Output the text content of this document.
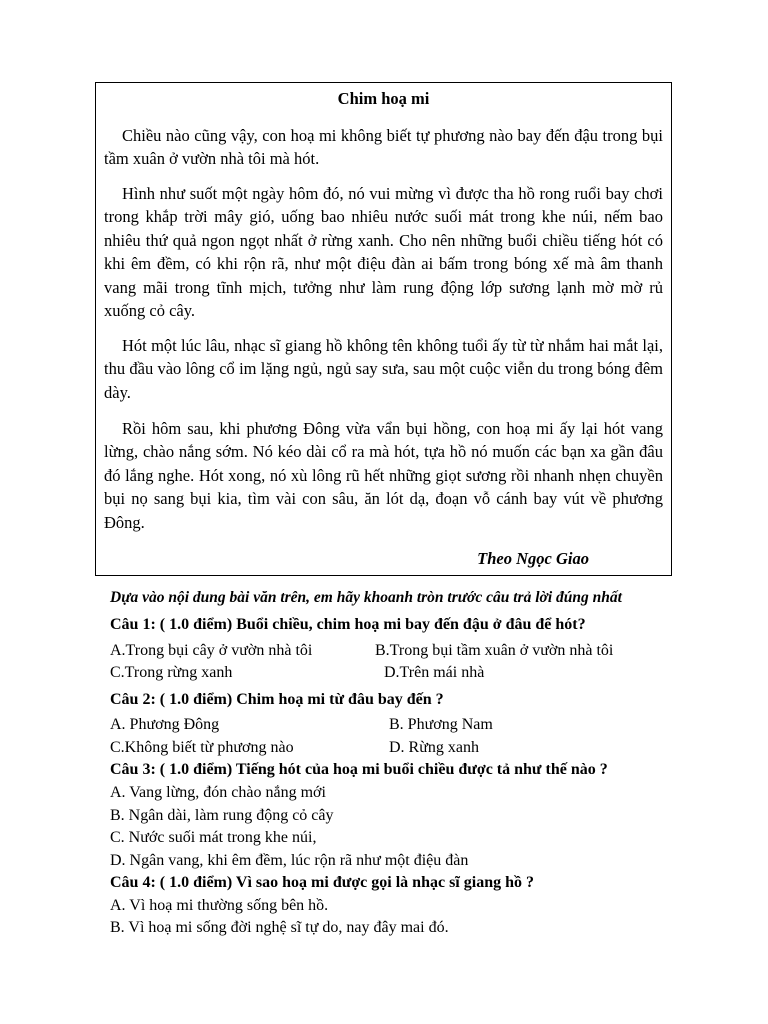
Chim hoạ mi
Chiều nào cũng vậy, con hoạ mi không biết tự phương nào bay đến đậu trong bụi tầm xuân ở vườn nhà tôi mà hót.
Hình như suốt một ngày hôm đó, nó vui mừng vì được tha hồ rong ruổi bay chơi trong khắp trời mây gió, uống bao nhiêu nước suối mát trong khe núi, nếm bao nhiêu thứ quả ngon ngọt nhất ở rừng xanh. Cho nên những buổi chiều tiếng hót có khi êm đềm, có khi rộn rã, như một điệu đàn ai bấm trong bóng xế mà âm thanh vang mãi trong tĩnh mịch, tưởng như làm rung động lớp sương lạnh mờ mờ rủ xuống cỏ cây.
Hót một lúc lâu, nhạc sĩ giang hồ không tên không tuổi ấy từ từ nhắm hai mắt lại, thu đầu vào lông cổ im lặng ngủ, ngủ say sưa, sau một cuộc viễn du trong bóng đêm dày.
Rồi hôm sau, khi phương Đông vừa vẩn bụi hồng, con hoạ mi ấy lại hót vang lừng, chào nắng sớm. Nó kéo dài cổ ra mà hót, tựa hồ nó muốn các bạn xa gần đâu đó lắng nghe. Hót xong, nó xù lông rũ hết những giọt sương rồi nhanh nhẹn chuyền bụi nọ sang bụi kia, tìm vài con sâu, ăn lót dạ, đoạn vỗ cánh bay vút về phương Đông.
Theo Ngọc Giao
Dựa vào nội dung bài văn trên, em hãy khoanh tròn trước câu trả lời đúng nhất
Câu 1: ( 1.0 điểm) Buổi chiều, chim hoạ mi bay đến đậu ở đâu để hót?
A.Trong bụi cây ở vườn nhà tôi	B.Trong bụi tầm xuân ở vườn nhà tôi
C.Trong rừng xanh	D.Trên mái nhà
Câu 2: ( 1.0 điểm) Chim hoạ mi từ đâu bay đến ?
A. Phương Đông	B. Phương Nam
C.Không biết từ phương nào	D. Rừng xanh
Câu 3: ( 1.0 điểm) Tiếng hót của hoạ mi buổi chiều được tả như thế nào ?
A. Vang lừng, đón chào nắng mới
B. Ngân dài, làm rung động cỏ cây
C. Nước suối mát trong khe núi,
D. Ngân vang, khi êm đềm, lúc rộn rã như một điệu đàn
Câu 4: ( 1.0 điểm) Vì sao hoạ mi được gọi là nhạc sĩ giang hồ ?
A. Vì hoạ mi thường sống bên hồ.
B. Vì hoạ mi sống đời nghệ sĩ tự do, nay đây mai đó.
